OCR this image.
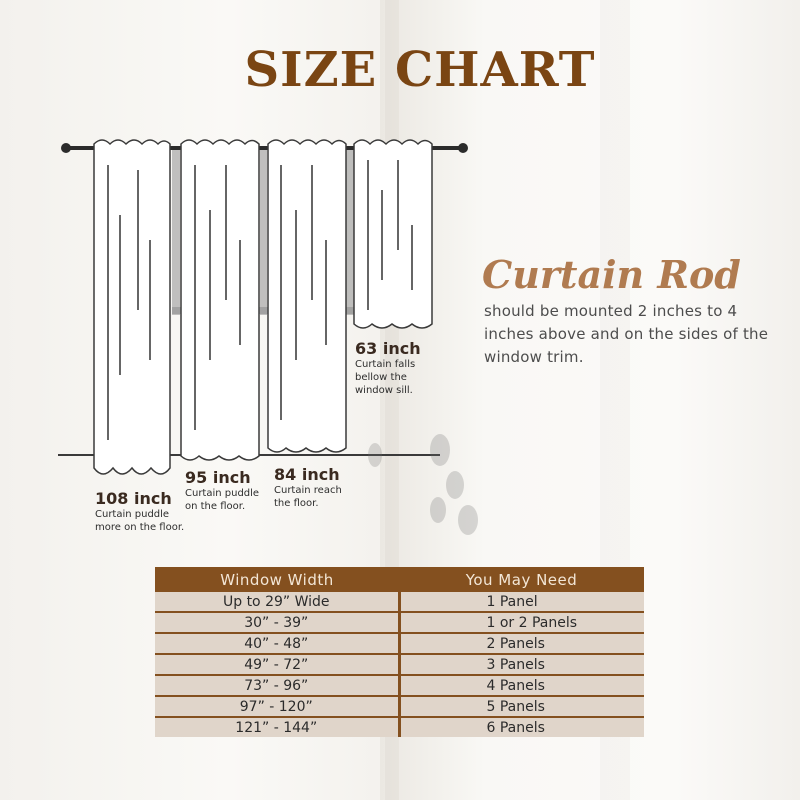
SIZE CHART
63 inch
Curtain falls bellow the window sill.
95 inch
Curtain puddle on the floor.
84 inch
Curtain reach the floor.
108 inch
Curtain puddle more on the floor.
Curtain Rod
should be mounted 2 inches to 4 inches above and on the sides of the window trim.
Window Width	You May Need
Up to 29” Wide	1 Panel
30” - 39”	1 or 2 Panels
40” - 48”	2 Panels
49” - 72”	3 Panels
73” - 96”	4 Panels
97” - 120”	5 Panels
121” - 144”	6 Panels
